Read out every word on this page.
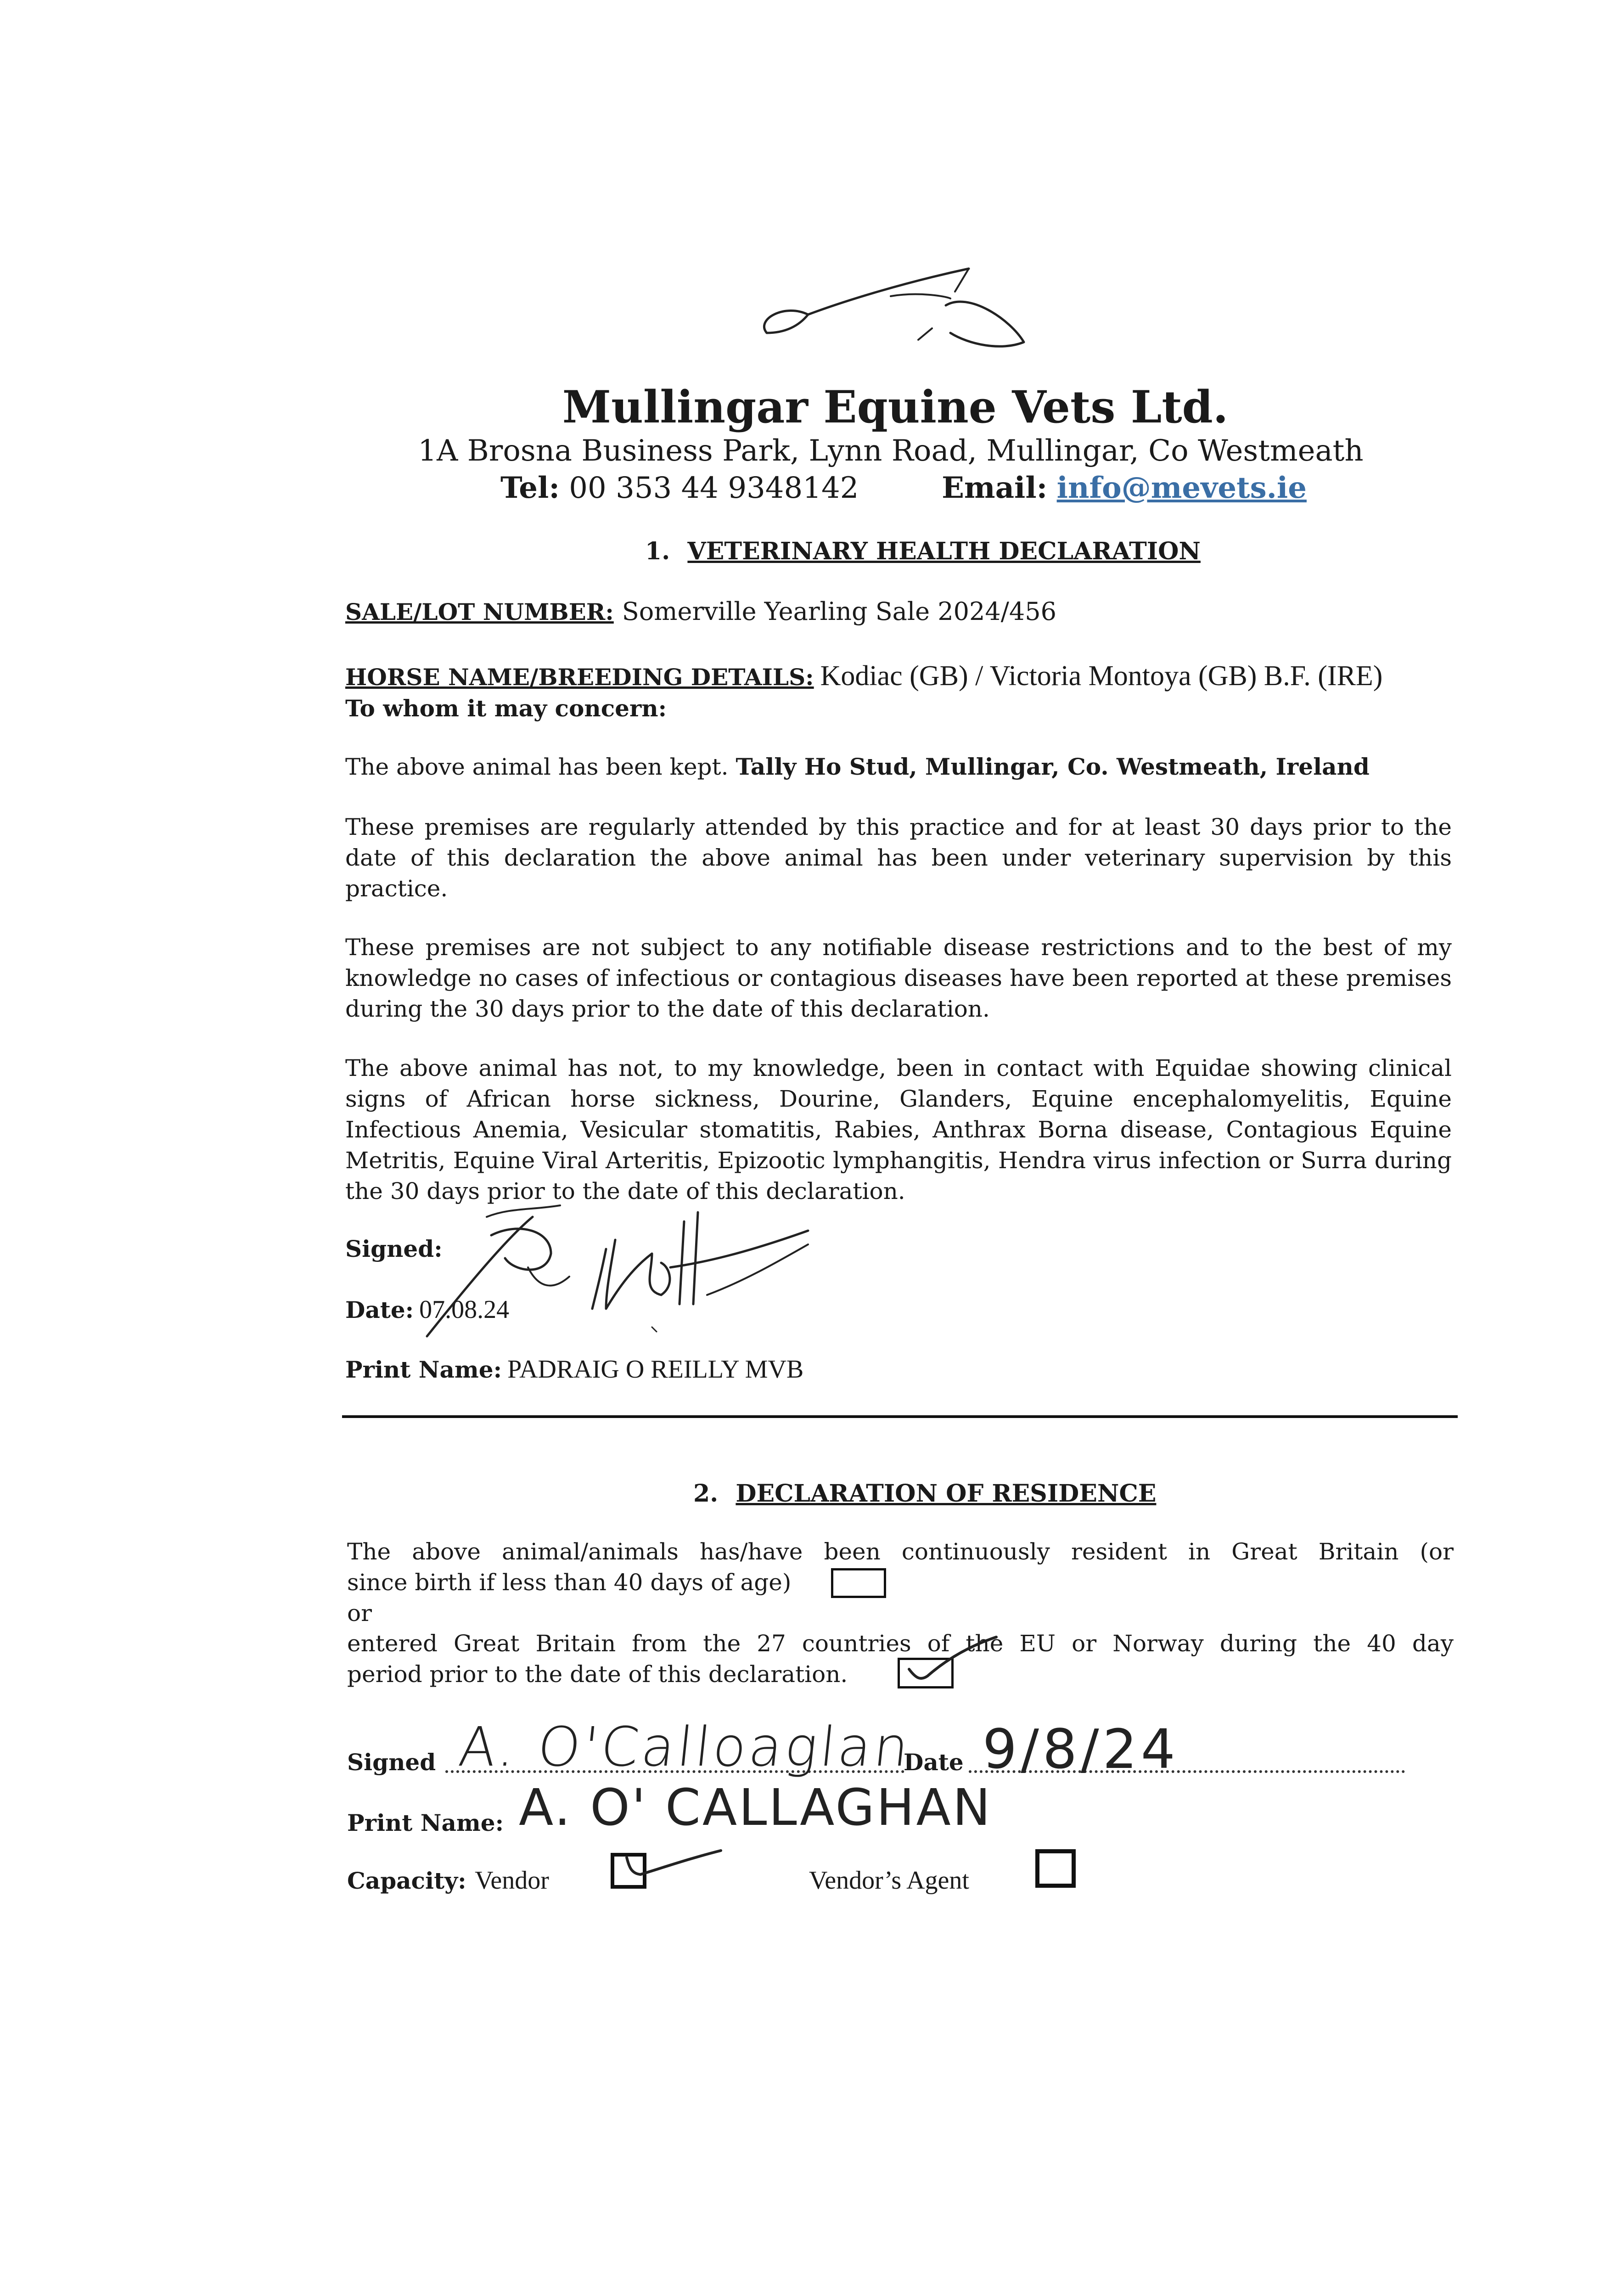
Mullingar Equine Vets Ltd.
1A Brosna Business Park, Lynn Road, Mullingar, Co Westmeath
Tel: 00 353 44 9348142	Email: info@mevets.ie
1. VETERINARY HEALTH DECLARATION
SALE/LOT NUMBER: Somerville Yearling Sale 2024/456
HORSE NAME/BREEDING DETAILS: Kodiac (GB) / Victoria Montoya (GB) B.F. (IRE)
To whom it may concern:
The above animal has been kept. Tally Ho Stud, Mullingar, Co. Westmeath, Ireland
These premises are regularly attended by this practice and for at least 30 days prior to the date of this declaration the above animal has been under veterinary supervision by this practice.
These premises are not subject to any notifiable disease restrictions and to the best of my knowledge no cases of infectious or contagious diseases have been reported at these premises during the 30 days prior to the date of this declaration.
The above animal has not, to my knowledge, been in contact with Equidae showing clinical signs of African horse sickness, Dourine, Glanders, Equine encephalomyelitis, Equine Infectious Anemia, Vesicular stomatitis, Rabies, Anthrax Borna disease, Contagious Equine Metritis, Equine Viral Arteritis, Epizootic lymphangitis, Hendra virus infection or Surra during the 30 days prior to the date of this declaration.
Signed:
Date: 07.08.24
Print Name: PADRAIG O REILLY MVB
2. DECLARATION OF RESIDENCE
The above animal/animals has/have been continuously resident in Great Britain (or
since birth if less than 40 days of age)
or
entered Great Britain from the 27 countries of the EU or Norway during the 40 day
period prior to the date of this declaration.
Signed A. O'Calloaglan
Date 9/8/24
Print Name: A. O' CALLAGHAN
Capacity: Vendor	Vendor’s Agent
